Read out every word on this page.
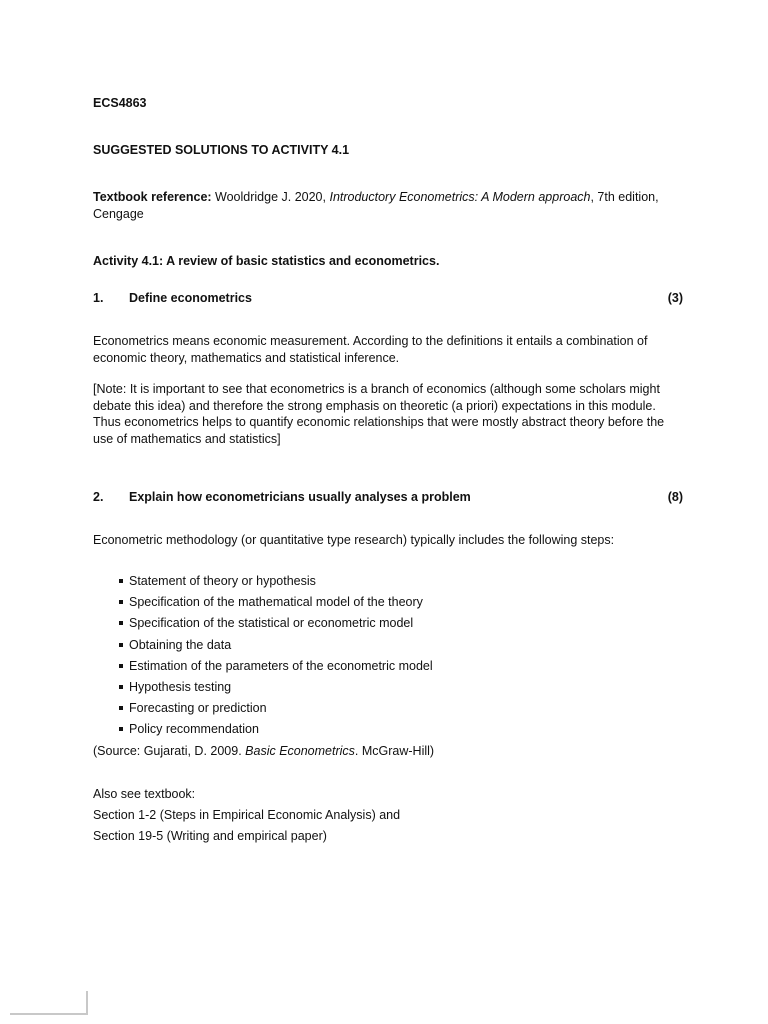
ECS4863
SUGGESTED SOLUTIONS TO ACTIVITY 4.1
Textbook reference: Wooldridge J. 2020, Introductory Econometrics: A Modern approach, 7th edition, Cengage
Activity 4.1: A review of basic statistics and econometrics.
1. Define econometrics	(3)
Econometrics means economic measurement. According to the definitions it entails a combination of economic theory, mathematics and statistical inference.
[Note: It is important to see that econometrics is a branch of economics (although some scholars might debate this idea) and therefore the strong emphasis on theoretic (a priori) expectations in this module. Thus econometrics helps to quantify economic relationships that were mostly abstract theory before the use of mathematics and statistics]
2. Explain how econometricians usually analyses a problem	(8)
Econometric methodology (or quantitative type research) typically includes the following steps:
Statement of theory or hypothesis
Specification of the mathematical model of the theory
Specification of the statistical or econometric model
Obtaining the data
Estimation of the parameters of the econometric model
Hypothesis testing
Forecasting or prediction
Policy recommendation
(Source: Gujarati, D. 2009. Basic Econometrics. McGraw-Hill)
Also see textbook:
Section 1-2 (Steps in Empirical Economic Analysis) and
Section 19-5 (Writing and empirical paper)
